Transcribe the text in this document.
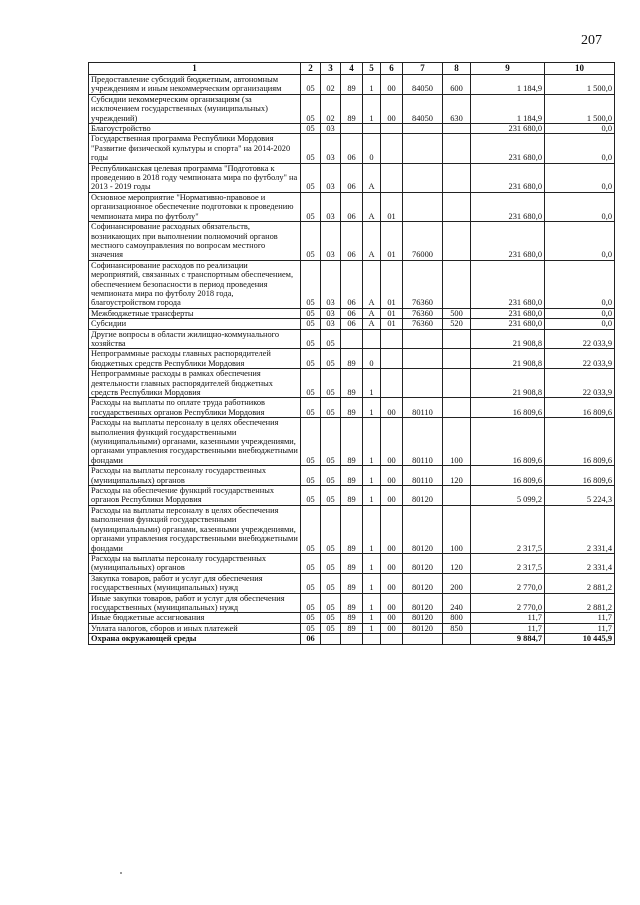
207
1	2	3	4	5	6	7	8	9	10
Предоставление субсидий бюджетным, автономным учреждениям и иным некоммерческим организациям	05	02	89	1	00	84050	600	1 184,9	1 500,0
Субсидии некоммерческим организациям (за исключением государственных (муниципальных) учреждений)	05	02	89	1	00	84050	630	1 184,9	1 500,0
Благоустройство	05	03						231 680,0	0,0
Государственная программа Республики Мордовия "Развитие физической культуры и спорта" на 2014-2020 годы	05	03	06	0				231 680,0	0,0
Республиканская целевая программа "Подготовка к проведению в 2018 году чемпионата мира по футболу" на 2013 - 2019 годы	05	03	06	А				231 680,0	0,0
Основное мероприятие "Нормативно-правовое и организационное обеспечение подготовки к проведению чемпионата мира по футболу"	05	03	06	А	01			231 680,0	0,0
Софинансирование расходных обязательств, возникающих при выполнении полномочий органов местного самоуправления по вопросам местного значения	05	03	06	А	01	76000		231 680,0	0,0
Софинансирование расходов по реализации мероприятий, связанных с транспортным обеспечением, обеспечением безопасности в период проведения чемпионата мира по футболу 2018 года, благоустройством города	05	03	06	А	01	76360		231 680,0	0,0
Межбюджетные трансферты	05	03	06	А	01	76360	500	231 680,0	0,0
Субсидии	05	03	06	А	01	76360	520	231 680,0	0,0
Другие вопросы в области жилищно-коммунального хозяйства	05	05						21 908,8	22 033,9
Непрограммные расходы главных распорядителей бюджетных средств Республики Мордовия	05	05	89	0				21 908,8	22 033,9
Непрограммные расходы в рамках обеспечения деятельности главных распорядителей бюджетных средств Республики Мордовия	05	05	89	1				21 908,8	22 033,9
Расходы на выплаты по оплате труда работников государственных органов Республики Мордовия	05	05	89	1	00	80110		16 809,6	16 809,6
Расходы на выплаты персоналу в целях обеспечения выполнения функций государственными (муниципальными) органами, казенными учреждениями, органами управления государственными внебюджетными фондами	05	05	89	1	00	80110	100	16 809,6	16 809,6
Расходы на выплаты персоналу государственных (муниципальных) органов	05	05	89	1	00	80110	120	16 809,6	16 809,6
Расходы на обеспечение функций государственных органов Республики Мордовия	05	05	89	1	00	80120		5 099,2	5 224,3
Расходы на выплаты персоналу в целях обеспечения выполнения функций государственными (муниципальными) органами, казенными учреждениями, органами управления государственными внебюджетными фондами	05	05	89	1	00	80120	100	2 317,5	2 331,4
Расходы на выплаты персоналу государственных (муниципальных) органов	05	05	89	1	00	80120	120	2 317,5	2 331,4
Закупка товаров, работ и услуг для обеспечения государственных (муниципальных) нужд	05	05	89	1	00	80120	200	2 770,0	2 881,2
Иные закупки товаров, работ и услуг для обеспечения государственных (муниципальных) нужд	05	05	89	1	00	80120	240	2 770,0	2 881,2
Иные бюджетные ассигнования	05	05	89	1	00	80120	800	11,7	11,7
Уплата налогов, сборов и иных платежей	05	05	89	1	00	80120	850	11,7	11,7
Охрана окружающей среды	06							9 884,7	10 445,9
